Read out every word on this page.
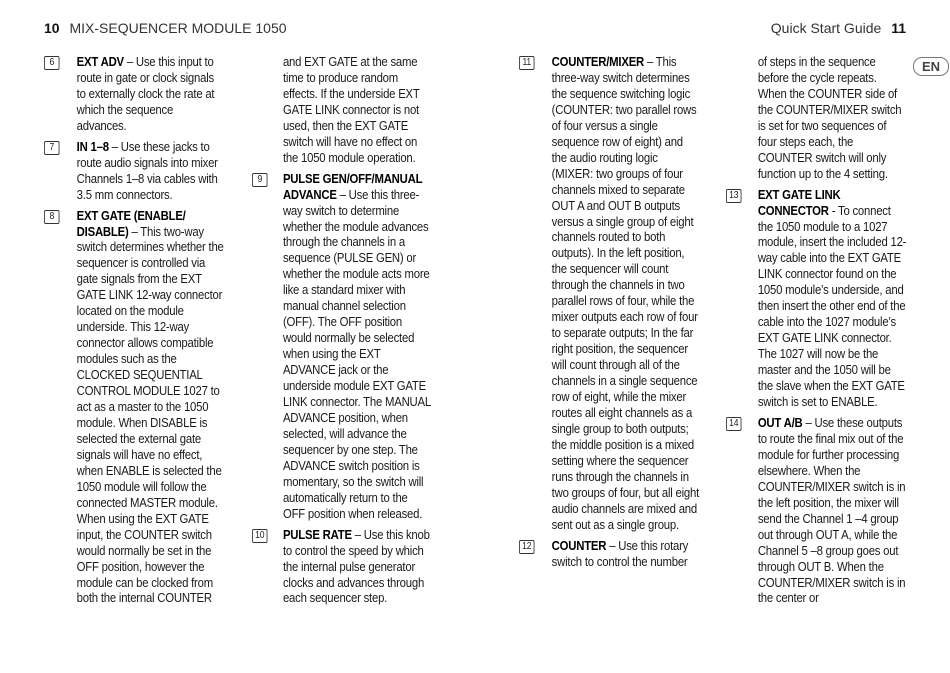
10 MIX-SEQUENCER MODULE 1050	Quick Start Guide 11
EN
6	EXT ADV – Use this input to route in gate or clock signals to externally clock the rate at which the sequence advances.
7	IN 1–8 – Use these jacks to route audio signals into mixer Channels 1–8 via cables with 3.5 mm connectors.
8	EXT GATE (ENABLE/ DISABLE) – This two-way switch determines whether the sequencer is controlled via gate signals from the EXT GATE LINK 12-way connector located on the module underside. This 12-way connector allows compatible modules such as the CLOCKED SEQUENTIAL CONTROL MODULE 1027 to act as a master to the 1050 module. When DISABLE is selected the external gate signals will have no effect, when ENABLE is selected the 1050 module will follow the connected MASTER module. When using the EXT GATE input, the COUNTER switch would normally be set in the OFF position, however the module can be clocked from both the internal COUNTER
and EXT GATE at the same time to produce random effects. If the underside EXT GATE LINK connector is not used, then the EXT GATE switch will have no effect on the 1050 module operation.
9	PULSE GEN/OFF/MANUAL ADVANCE – Use this three-way switch to determine whether the module advances through the channels in a sequence (PULSE GEN) or whether the module acts more like a standard mixer with manual channel selection (OFF). The OFF position would normally be selected when using the EXT ADVANCE jack or the underside module EXT GATE LINK connector. The MANUAL ADVANCE position, when selected, will advance the sequencer by one step. The ADVANCE switch position is momentary, so the switch will automatically return to the OFF position when released.
10 PULSE RATE – Use this knob to control the speed by which the internal pulse generator clocks and advances through each sequencer step.
11 COUNTER/MIXER – This three-way switch determines the sequence switching logic (COUNTER: two parallel rows of four versus a single sequence row of eight) and the audio routing logic (MIXER: two groups of four channels mixed to separate OUT A and OUT B outputs versus a single group of eight channels routed to both outputs). In the left position, the sequencer will count through the channels in two parallel rows of four, while the mixer outputs each row of four to separate outputs; In the far right position, the sequencer will count through all of the channels in a single sequence row of eight, while the mixer routes all eight channels as a single group to both outputs; the middle position is a mixed setting where the sequencer runs through the channels in two groups of four, but all eight audio channels are mixed and sent out as a single group.
12 COUNTER – Use this rotary switch to control the number
of steps in the sequence before the cycle repeats. When the COUNTER side of the COUNTER/MIXER switch is set for two sequences of four steps each, the COUNTER switch will only function up to the 4 setting.
13 EXT GATE LINK CONNECTOR - To connect the 1050 module to a 1027 module, insert the included 12-way cable into the EXT GATE LINK connector found on the 1050 module’s underside, and then insert the other end of the cable into the 1027 module’s EXT GATE LINK connector. The 1027 will now be the master and the 1050 will be the slave when the EXT GATE switch is set to ENABLE.
14 OUT A/B – Use these outputs to route the final mix out of the module for further processing elsewhere. When the COUNTER/MIXER switch is in the left position, the mixer will send the Channel 1 –4 group out through OUT A, while the Channel 5 –8 group goes out through OUT B. When the COUNTER/MIXER switch is in the center or
